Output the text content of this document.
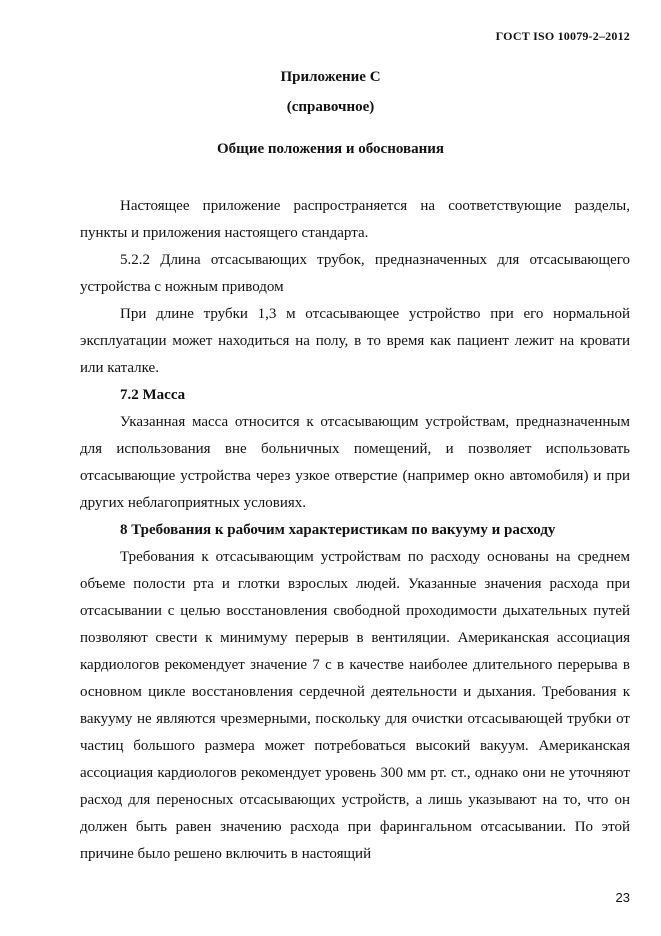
ГОСТ ISO 10079-2–2012
Приложение С
(справочное)
Общие положения и обоснования

Настоящее приложение распространяется на соответствующие разделы, пункты и приложения настоящего стандарта.

5.2.2 Длина отсасывающих трубок, предназначенных для отсасывающего устройства с ножным приводом

При длине трубки 1,3 м отсасывающее устройство при его нормальной эксплуатации может находиться на полу, в то время как пациент лежит на кровати или каталке.

7.2 Масса

Указанная масса относится к отсасывающим устройствам, предназначенным для использования вне больничных помещений, и позволяет использовать отсасывающие устройства через узкое отверстие (например окно автомобиля) и при других неблагоприятных условиях.

8 Требования к рабочим характеристикам по вакууму и расходу

Требования к отсасывающим устройствам по расходу основаны на среднем объеме полости рта и глотки взрослых людей. Указанные значения расхода при отсасывании с целью восстановления свободной проходимости дыхательных путей позволяют свести к минимуму перерыв в вентиляции. Американская ассоциация кардиологов рекомендует значение 7 с в качестве наиболее длительного перерыва в основном цикле восстановления сердечной деятельности и дыхания. Требования к вакууму не являются чрезмерными, поскольку для очистки отсасывающей трубки от частиц большого размера может потребоваться высокий вакуум. Американская ассоциация кардиологов рекомендует уровень 300 мм рт. ст., однако они не уточняют расход для переносных отсасывающих устройств, а лишь указывают на то, что он должен быть равен значению расхода при фарингальном отсасывании. По этой причине было решено включить в настоящий

23
